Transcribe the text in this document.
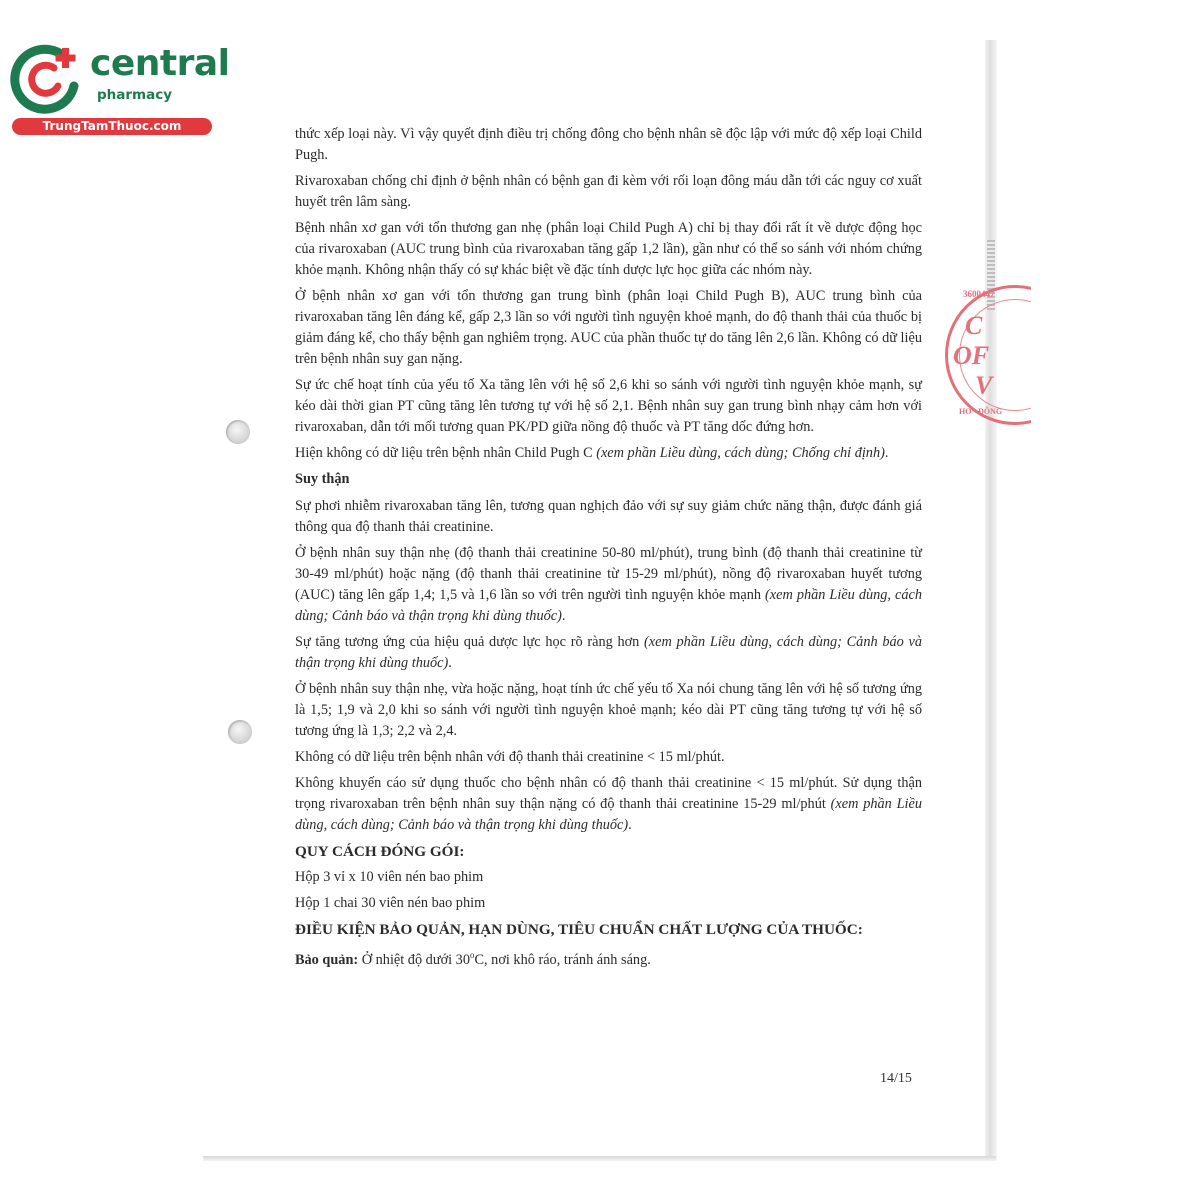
3600447
C
OF
V
HO - ĐÔNG
central
pharmacy
TrungTamThuoc.com	thức xếp loại này. Vì vậy quyết định điều trị chống đông cho bệnh nhân sẽ độc lập với mức độ xếp loại Child Pugh.

Rivaroxaban chống chỉ định ở bệnh nhân có bệnh gan đi kèm với rối loạn đông máu dẫn tới các nguy cơ xuất huyết trên lâm sàng.

Bệnh nhân xơ gan với tổn thương gan nhẹ (phân loại Child Pugh A) chỉ bị thay đổi rất ít về dược động học của rivaroxaban (AUC trung bình của rivaroxaban tăng gấp 1,2 lần), gần như có thể so sánh với nhóm chứng khỏe mạnh. Không nhận thấy có sự khác biệt về đặc tính dược lực học giữa các nhóm này.

Ở bệnh nhân xơ gan với tổn thương gan trung bình (phân loại Child Pugh B), AUC trung bình của rivaroxaban tăng lên đáng kể, gấp 2,3 lần so với người tình nguyện khoẻ mạnh, do độ thanh thải của thuốc bị giảm đáng kể, cho thấy bệnh gan nghiêm trọng. AUC của phần thuốc tự do tăng lên 2,6 lần. Không có dữ liệu trên bệnh nhân suy gan nặng.

Sự ức chế hoạt tính của yếu tố Xa tăng lên với hệ số 2,6 khi so sánh với người tình nguyện khỏe mạnh, sự kéo dài thời gian PT cũng tăng lên tương tự với hệ số 2,1. Bệnh nhân suy gan trung bình nhạy cảm hơn với rivaroxaban, dẫn tới mối tương quan PK/PD giữa nồng độ thuốc và PT tăng dốc đứng hơn.

Hiện không có dữ liệu trên bệnh nhân Child Pugh C (xem phần Liều dùng, cách dùng; Chống chỉ định).

Suy thận

Sự phơi nhiễm rivaroxaban tăng lên, tương quan nghịch đảo với sự suy giảm chức năng thận, được đánh giá thông qua độ thanh thải creatinine.

Ở bệnh nhân suy thận nhẹ (độ thanh thải creatinine 50-80 ml/phút), trung bình (độ thanh thải creatinine từ 30-49 ml/phút) hoặc nặng (độ thanh thải creatinine từ 15-29 ml/phút), nồng độ rivaroxaban huyết tương (AUC) tăng lên gấp 1,4; 1,5 và 1,6 lần so với trên người tình nguyện khỏe mạnh (xem phần Liều dùng, cách dùng; Cảnh báo và thận trọng khi dùng thuốc).

Sự tăng tương ứng của hiệu quả dược lực học rõ ràng hơn (xem phần Liều dùng, cách dùng; Cảnh báo và thận trọng khi dùng thuốc).

Ở bệnh nhân suy thận nhẹ, vừa hoặc nặng, hoạt tính ức chế yếu tố Xa nói chung tăng lên với hệ số tương ứng là 1,5; 1,9 và 2,0 khi so sánh với người tình nguyện khoẻ mạnh; kéo dài PT cũng tăng tương tự với hệ số tương ứng là 1,3; 2,2 và 2,4.

Không có dữ liệu trên bệnh nhân với độ thanh thải creatinine < 15 ml/phút.

Không khuyến cáo sử dụng thuốc cho bệnh nhân có độ thanh thải creatinine < 15 ml/phút. Sử dụng thận trọng rivaroxaban trên bệnh nhân suy thận nặng có độ thanh thải creatinine 15-29 ml/phút (xem phần Liều dùng, cách dùng; Cảnh báo và thận trọng khi dùng thuốc).

QUY CÁCH ĐÓNG GÓI:

Hộp 3 vỉ x 10 viên nén bao phim

Hộp 1 chai 30 viên nén bao phim

ĐIỀU KIỆN BẢO QUẢN, HẠN DÙNG, TIÊU CHUẨN CHẤT LƯỢNG CỦA THUỐC:

Bảo quản: Ở nhiệt độ dưới 30$^o$C, nơi khô ráo, tránh ánh sáng.

14/15
